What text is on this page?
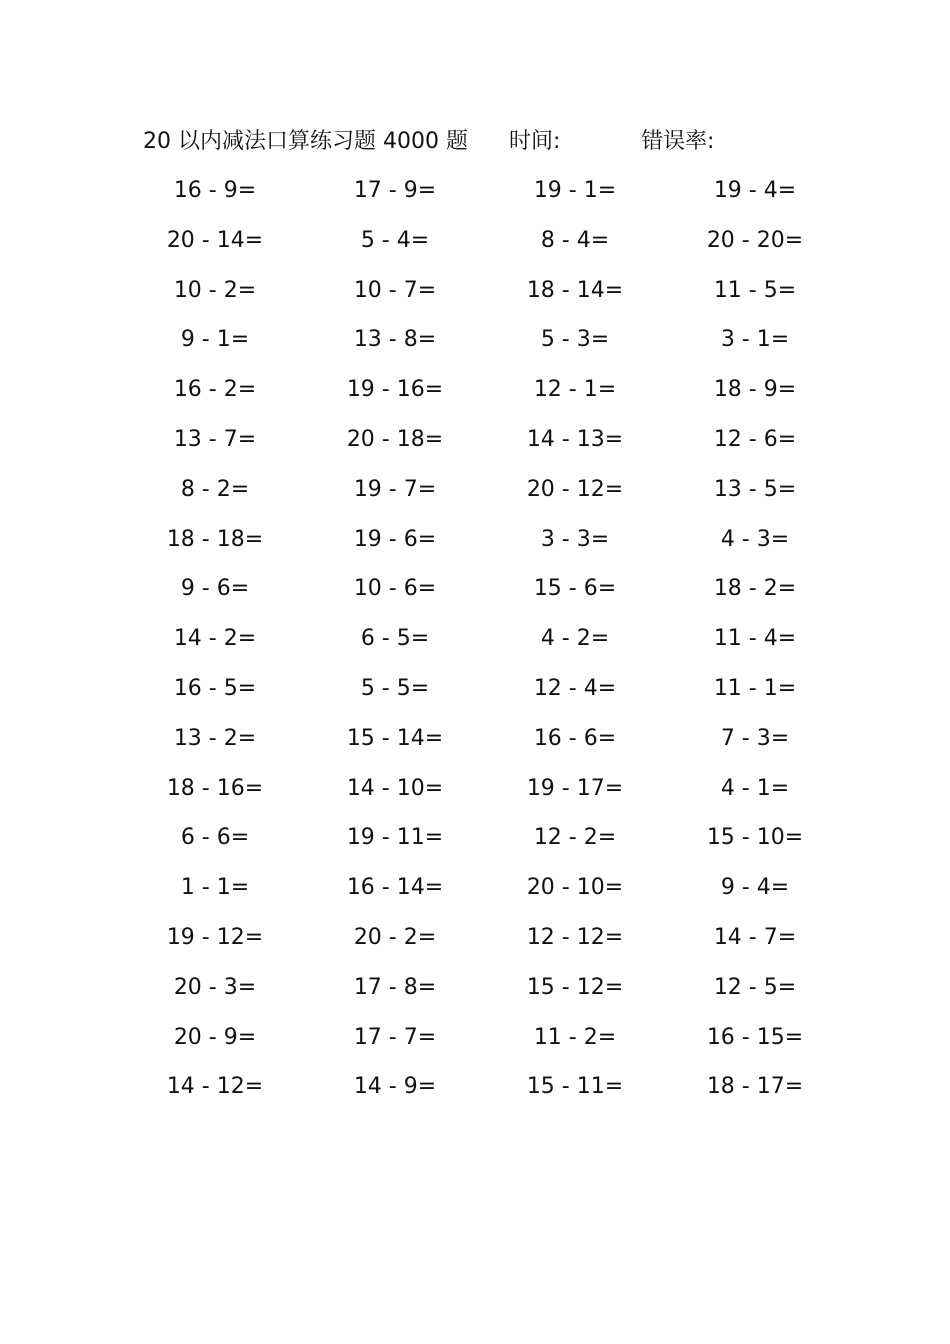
20 以内减法口算练习题 4000 题 时间:	错误率:
16 - 9=	17 - 9=	19 - 1=	19 - 4=
20 - 14=	5 - 4=	8 - 4=	20 - 20=
10 - 2=	10 - 7=	18 - 14=	11 - 5=
9 - 1=	13 - 8=	5 - 3=	3 - 1=
16 - 2=	19 - 16=	12 - 1=	18 - 9=
13 - 7=	20 - 18=	14 - 13=	12 - 6=
8 - 2=	19 - 7=	20 - 12=	13 - 5=
18 - 18=	19 - 6=	3 - 3=	4 - 3=
9 - 6=	10 - 6=	15 - 6=	18 - 2=
14 - 2=	6 - 5=	4 - 2=	11 - 4=
16 - 5=	5 - 5=	12 - 4=	11 - 1=
13 - 2=	15 - 14=	16 - 6=	7 - 3=
18 - 16=	14 - 10=	19 - 17=	4 - 1=
6 - 6=	19 - 11=	12 - 2=	15 - 10=
1 - 1=	16 - 14=	20 - 10=	9 - 4=
19 - 12=	20 - 2=	12 - 12=	14 - 7=
20 - 3=	17 - 8=	15 - 12=	12 - 5=
20 - 9=	17 - 7=	11 - 2=	16 - 15=
14 - 12=	14 - 9=	15 - 11=	18 - 17=
